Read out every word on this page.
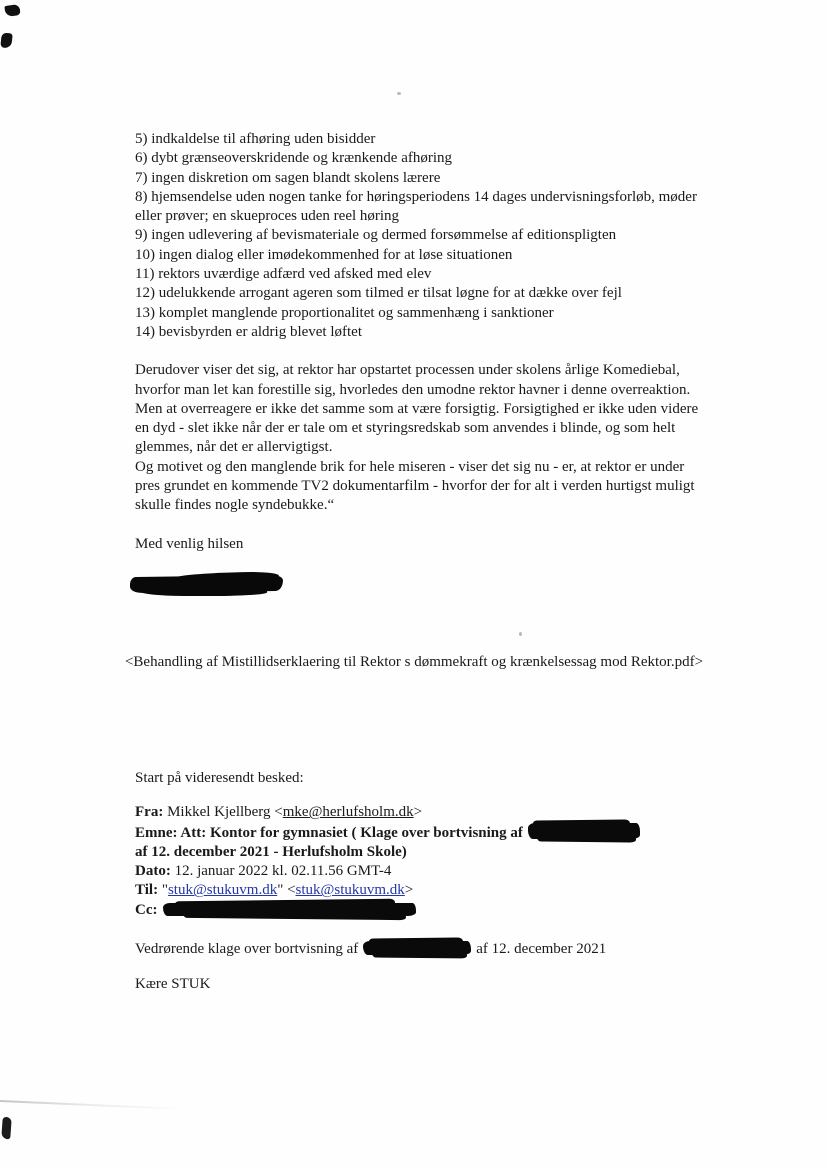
5) indkaldelse til afhøring uden bisidder
6) dybt grænseoverskridende og krænkende afhøring
7) ingen diskretion om sagen blandt skolens lærere
8) hjemsendelse uden nogen tanke for høringsperiodens 14 dages undervisningsforløb, møder eller prøver; en skueproces uden reel høring
9) ingen udlevering af bevismateriale og dermed forsømmelse af editionspligten
10) ingen dialog eller imødekommenhed for at løse situationen
11) rektors uværdige adfærd ved afsked med elev
12) udelukkende arrogant ageren som tilmed er tilsat løgne for at dække over fejl
13) komplet manglende proportionalitet og sammenhæng i sanktioner
14) bevisbyrden er aldrig blevet løftet

Derudover viser det sig, at rektor har opstartet processen under skolens årlige Komediebal, hvorfor man let kan forestille sig, hvorledes den umodne rektor havner i denne overreaktion. Men at overreagere er ikke det samme som at være forsigtig. Forsigtighed er ikke uden videre en dyd - slet ikke når der er tale om et styringsredskab som anvendes i blinde, og som helt glemmes, når det er allervigtigst.

Og motivet og den manglende brik for hele miseren - viser det sig nu - er, at rektor er under pres grundet en kommende TV2 dokumentarfilm - hvorfor der for alt i verden hurtigst muligt skulle findes nogle syndebukke.“

Med venlig hilsen

<Behandling af Mistillidserklaering til Rektor s dømmekraft og krænkelsessag mod Rektor.pdf>
Start på videresendt besked:
Fra: Mikkel Kjellberg <mke@herlufsholm.dk>
Emne: Att: Kontor for gymnasiet ( Klage over bortvisning af
af 12. december 2021 - Herlufsholm Skole)
Dato: 12. januar 2022 kl. 02.11.56 GMT-4
Til: "stuk@stukuvm.dk" <stuk@stukuvm.dk>
Cc:
Vedrørende klage over bortvisning af	af 12. december 2021
Kære STUK
